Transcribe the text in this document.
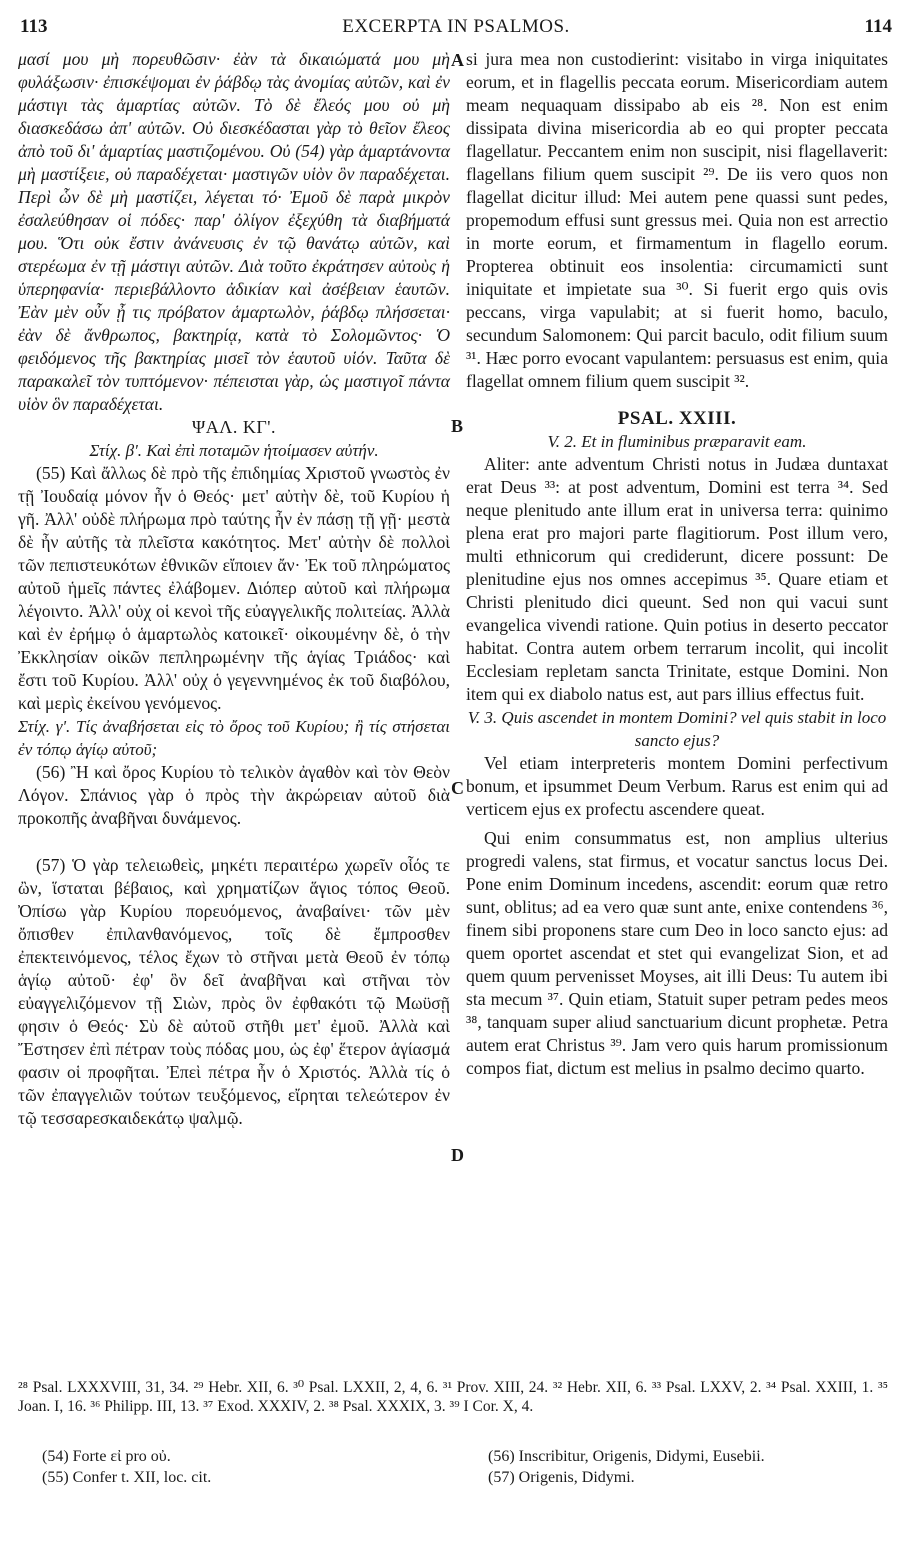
113	EXCERPTA IN PSALMOS.	114
A
B
C
D

μασί μου μὴ πορευθῶσιν· ἐὰν τὰ δικαιώματά μου μὴ φυλάξωσιν· ἐπισκέψομαι ἐν ῥάβδῳ τὰς ἀνομίας αὐτῶν, καὶ ἐν μάστιγι τὰς ἁμαρτίας αὐτῶν. Τὸ δὲ ἔλεός μου οὐ μὴ διασκεδάσω ἀπ' αὐτῶν. Οὐ διεσκέδασται γὰρ τὸ θεῖον ἔλεος ἀπὸ τοῦ δι' ἁμαρτίας μαστιζομένου. Οὐ (54) γὰρ ἁμαρτάνοντα μὴ μαστίξειε, οὐ παραδέχεται· μαστιγῶν υἱὸν ὃν παραδέχεται. Περὶ ὧν δὲ μὴ μαστίζει, λέγεται τό· Ἐμοῦ δὲ παρὰ μικρὸν ἐσαλεύθησαν οἱ πόδες· παρ' ὀλίγον ἐξεχύθη τὰ διαβήματά μου. Ὅτι οὐκ ἔστιν ἀνάνευσις ἐν τῷ θανάτῳ αὐτῶν, καὶ στερέωμα ἐν τῇ μάστιγι αὐτῶν. Διὰ τοῦτο ἐκράτησεν αὐτοὺς ἡ ὑπερηφανία· περιεβάλλοντο ἀδικίαν καὶ ἀσέβειαν ἑαυτῶν. Ἐὰν μὲν οὖν ᾖ τις πρόβατον ἁμαρτωλὸν, ῥάβδῳ πλήσσεται· ἐὰν δὲ ἄνθρωπος, βακτηρίᾳ, κατὰ τὸ Σολομῶντος· Ὁ φειδόμενος τῆς βακτηρίας μισεῖ τὸν ἑαυτοῦ υἱόν. Ταῦτα δὲ παρακαλεῖ τὸν τυπτόμενον· πέπεισται γὰρ, ὡς μαστιγοῖ πάντα υἱὸν ὃν παραδέχεται.

ΨΑΛ. ΚΓ'.

Στίχ. β'. Καὶ ἐπὶ ποταμῶν ἡτοίμασεν αὐτήν.

(55) Καὶ ἄλλως δὲ πρὸ τῆς ἐπιδημίας Χριστοῦ γνωστὸς ἐν τῇ Ἰουδαίᾳ μόνον ἦν ὁ Θεός· μετ' αὐτὴν δὲ, τοῦ Κυρίου ἡ γῆ. Ἀλλ' οὐδὲ πλήρωμα πρὸ ταύτης ἦν ἐν πάσῃ τῇ γῇ· μεστὰ δὲ ἦν αὐτῆς τὰ πλεῖστα κακότητος. Μετ' αὐτὴν δὲ πολλοὶ τῶν πεπιστευκότων ἐθνικῶν εἴποιεν ἄν· Ἐκ τοῦ πληρώματος αὐτοῦ ἡμεῖς πάντες ἐλάβομεν. Διόπερ αὐτοῦ καὶ πλήρωμα λέγοιντο. Ἀλλ' οὐχ οἱ κενοὶ τῆς εὐαγγελικῆς πολιτείας. Ἀλλὰ καὶ ἐν ἐρήμῳ ὁ ἁμαρτωλὸς κατοικεῖ· οἰκουμένην δὲ, ὁ τὴν Ἐκκλησίαν οἰκῶν πεπληρωμένην τῆς ἁγίας Τριάδος· καὶ ἔστι τοῦ Κυρίου. Ἀλλ' οὐχ ὁ γεγεννημένος ἐκ τοῦ διαβόλου, καὶ μερὶς ἐκείνου γενόμενος.

Στίχ. γ'. Τίς ἀναβήσεται εἰς τὸ ὄρος τοῦ Κυρίου; ἢ τίς στήσεται ἐν τόπῳ ἁγίῳ αὐτοῦ;

(56) Ἢ καὶ ὄρος Κυρίου τὸ τελικὸν ἀγαθὸν καὶ τὸν Θεὸν Λόγον. Σπάνιος γὰρ ὁ πρὸς τὴν ἀκρώρειαν αὐτοῦ διὰ προκοπῆς ἀναβῆναι δυνάμενος.

(57) Ὁ γὰρ τελειωθεὶς, μηκέτι περαιτέρω χωρεῖν οἷός τε ὢν, ἵσταται βέβαιος, καὶ χρηματίζων ἅγιος τόπος Θεοῦ. Ὀπίσω γὰρ Κυρίου πορευόμενος, ἀναβαίνει· τῶν μὲν ὄπισθεν ἐπιλανθανόμενος, τοῖς δὲ ἔμπροσθεν ἐπεκτεινόμενος, τέλος ἔχων τὸ στῆναι μετὰ Θεοῦ ἐν τόπῳ ἁγίῳ αὐτοῦ· ἐφ' ὃν δεῖ ἀναβῆναι καὶ στῆναι τὸν εὐαγγελιζόμενον τῇ Σιὼν, πρὸς ὃν ἐφθακότι τῷ Μωϋσῇ φησιν ὁ Θεός· Σὺ δὲ αὐτοῦ στῆθι μετ' ἐμοῦ. Ἀλλὰ καὶ Ἔστησεν ἐπὶ πέτραν τοὺς πόδας μου, ὡς ἐφ' ἕτερον ἁγίασμά φασιν οἱ προφῆται. Ἐπεὶ πέτρα ἦν ὁ Χριστός. Ἀλλὰ τίς ὁ τῶν ἐπαγγελιῶν τούτων τευξόμενος, εἴρηται τελεώτερον ἐν τῷ τεσσαρεσκαιδεκάτῳ ψαλμῷ.

si jura mea non custodierint: visitabo in virga iniquitates eorum, et in flagellis peccata eorum. Misericordiam autem meam nequaquam dissipabo ab eis ²⁸. Non est enim dissipata divina misericordia ab eo qui propter peccata flagellatur. Peccantem enim non suscipit, nisi flagellaverit: flagellans filium quem suscipit ²⁹. De iis vero quos non flagellat dicitur illud: Mei autem pene quassi sunt pedes, propemodum effusi sunt gressus mei. Quia non est arrectio in morte eorum, et firmamentum in flagello eorum. Propterea obtinuit eos insolentia: circumamicti sunt iniquitate et impietate sua ³⁰. Si fuerit ergo quis ovis peccans, virga vapulabit; at si fuerit homo, baculo, secundum Salomonem: Qui parcit baculo, odit filium suum ³¹. Hæc porro evocant vapulantem: persuasus est enim, quia flagellat omnem filium quem suscipit ³².

PSAL. XXIII.

V. 2. Et in fluminibus præparavit eam.

Aliter: ante adventum Christi notus in Judæa duntaxat erat Deus ³³: at post adventum, Domini est terra ³⁴. Sed neque plenitudo ante illum erat in universa terra: quinimo plena erat pro majori parte flagitiorum. Post illum vero, multi ethnicorum qui crediderunt, dicere possunt: De plenitudine ejus nos omnes accepimus ³⁵. Quare etiam et Christi plenitudo dici queunt. Sed non qui vacui sunt evangelica vivendi ratione. Quin potius in deserto peccator habitat. Contra autem orbem terrarum incolit, qui incolit Ecclesiam repletam sancta Trinitate, estque Domini. Non item qui ex diabolo natus est, aut pars illius effectus fuit.

V. 3. Quis ascendet in montem Domini? vel quis stabit in loco sancto ejus?

Vel etiam interpreteris montem Domini perfectivum bonum, et ipsummet Deum Verbum. Rarus est enim qui ad verticem ejus ex profectu ascendere queat.

Qui enim consummatus est, non amplius ulterius progredi valens, stat firmus, et vocatur sanctus locus Dei. Pone enim Dominum incedens, ascendit: eorum quæ retro sunt, oblitus; ad ea vero quæ sunt ante, enixe contendens ³⁶, finem sibi proponens stare cum Deo in loco sancto ejus: ad quem oportet ascendat et stet qui evangelizat Sion, et ad quem quum pervenisset Moyses, ait illi Deus: Tu autem ibi sta mecum ³⁷. Quin etiam, Statuit super petram pedes meos ³⁸, tanquam super aliud sanctuarium dicunt prophetæ. Petra autem erat Christus ³⁹. Jam vero quis harum promissionum compos fiat, dictum est melius in psalmo decimo quarto.

²⁸ Psal. LXXXVIII, 31, 34. ²⁹ Hebr. XII, 6. ³⁰ Psal. LXXII, 2, 4, 6. ³¹ Prov. XIII, 24. ³² Hebr. XII, 6. ³³ Psal. LXXV, 2. ³⁴ Psal. XXIII, 1. ³⁵ Joan. I, 16. ³⁶ Philipp. III, 13. ³⁷ Exod. XXXIV, 2. ³⁸ Psal. XXXIX, 3. ³⁹ I Cor. X, 4.

(54) Forte εἰ pro οὐ.

(55) Confer t. XII, loc. cit.

(56) Inscribitur, Origenis, Didymi, Eusebii.

(57) Origenis, Didymi.
